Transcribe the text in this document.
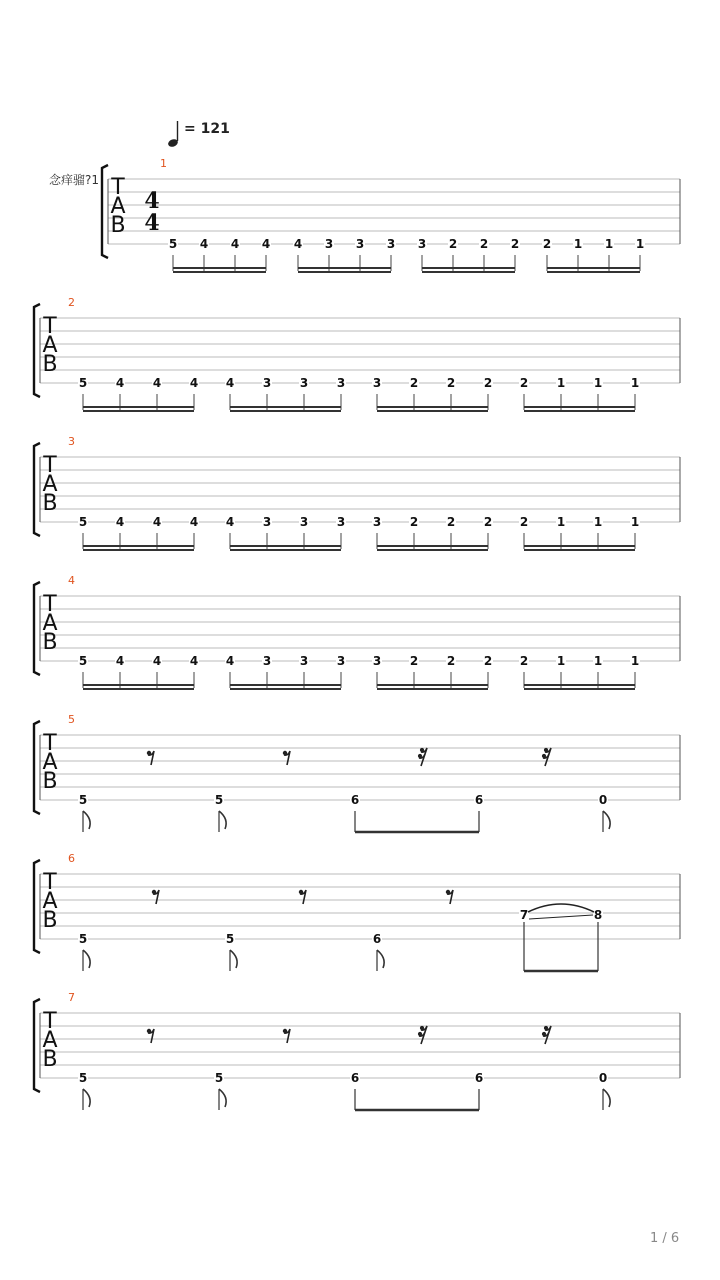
= 121
念痒骝?1 T
A
B
1
4
4
5 4 4 4 4 3 3 3 3 2 2 2 2 1 1 1
T
A
B
2
5 4 4 4 4 3 3 3 3 2 2 2 2 1 1 1
T
A
B
3
5 4 4 4 4 3 3 3 3 2 2 2 2 1 1 1
T
A
B
4
5 4 4 4 4 3 3 3 3 2 2 2 2 1 1 1
T
A
B
5
5	5	6	6	0
T
A
B
6
5	5	6
7	8
T
A
B
7
5	5	6	6	0
1 / 6
